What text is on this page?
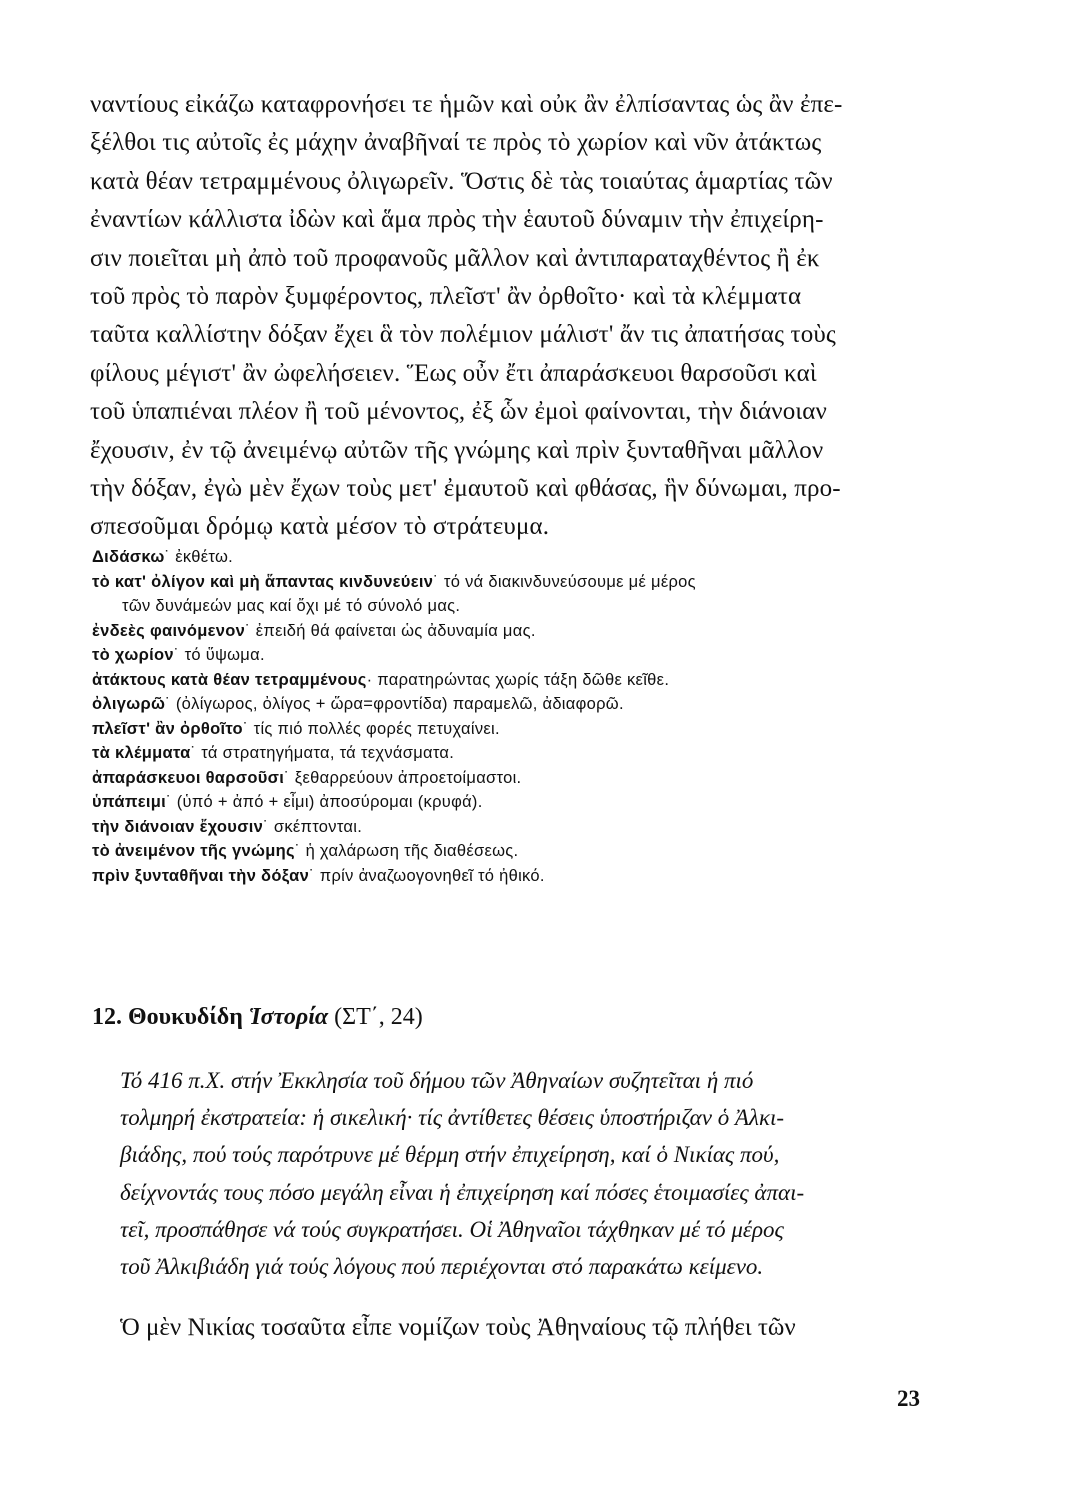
ναντίους εἰκάζω καταφρονήσει τε ἡμῶν καὶ οὐκ ἂν ἐλπίσαντας ὡς ἂν ἐπε-
ξέλθοι τις αὐτοῖς ἐς μάχην ἀναβῆναί τε πρὸς τὸ χωρίον καὶ νῦν ἀτάκτως
κατὰ θέαν τετραμμένους ὀλιγωρεῖν. Ὅστις δὲ τὰς τοιαύτας ἁμαρτίας τῶν
ἐναντίων κάλλιστα ἰδὼν καὶ ἅμα πρὸς τὴν ἑαυτοῦ δύναμιν τὴν ἐπιχείρη-
σιν ποιεῖται μὴ ἀπὸ τοῦ προφανοῦς μᾶλλον καὶ ἀντιπαραταχθέντος ἢ ἐκ
τοῦ πρὸς τὸ παρὸν ξυμφέροντος, πλεῖστ' ἂν ὀρθοῖτο· καὶ τὰ κλέμματα
ταῦτα καλλίστην δόξαν ἔχει ἃ τὸν πολέμιον μάλιστ' ἄν τις ἀπατήσας τοὺς
φίλους μέγιστ' ἂν ὠφελήσειεν. Ἕως οὖν ἔτι ἀπαράσκευοι θαρσοῦσι καὶ
τοῦ ὑπαπιέναι πλέον ἢ τοῦ μένοντος, ἐξ ὧν ἐμοὶ φαίνονται, τὴν διάνοιαν
ἔχουσιν, ἐν τῷ ἀνειμένῳ αὐτῶν τῆς γνώμης καὶ πρὶν ξυνταθῆναι μᾶλλον
τὴν δόξαν, ἐγὼ μὲν ἔχων τοὺς μετ' ἐμαυτοῦ καὶ φθάσας, ἣν δύνωμαι, προ-
σπεσοῦμαι δρόμῳ κατὰ μέσον τὸ στράτευμα.
Διδάσκω˙ ἐκθέτω.
τὸ κατ' ὀλίγον καὶ μὴ ἅπαντας κινδυνεύειν˙ τό νά διακινδυνεύσουμε μέ μέρος
τῶν δυνάμεών μας καί ὄχι μέ τό σύνολό μας.
ἐνδεὲς φαινόμενον˙ ἐπειδή θά φαίνεται ὡς ἀδυναμία μας.
τὸ χωρίον˙ τό ὕψωμα.
ἀτάκτους κατὰ θέαν τετραμμένους· παρατηρώντας χωρίς τάξη δῶθε κεῖθε.
ὀλιγωρῶ˙ (ὀλίγωρος, ὀλίγος + ὥρα=φροντίδα) παραμελῶ, ἀδιαφορῶ.
πλεῖστ' ἂν ὀρθοῖτο˙ τίς πιό πολλές φορές πετυχαίνει.
τὰ κλέμματα˙ τά στρατηγήματα, τά τεχνάσματα.
ἀπαράσκευοι θαρσοῦσι˙ ξεθαρρεύουν ἀπροετοίμαστοι.
ὑπάπειμι˙ (ὑπό + ἀπό + εἶμι) ἀποσύρομαι (κρυφά).
τὴν διάνοιαν ἔχουσιν˙ σκέπτονται.
τὸ ἀνειμένον τῆς γνώμης˙ ἡ χαλάρωση τῆς διαθέσεως.
πρὶν ξυνταθῆναι τὴν δόξαν˙ πρίν ἀναζωογονηθεῖ τό ἠθικό.
12. Θουκυδίδη Ἱστορία (ΣΤ΄, 24)
Τό 416 π.Χ. στήν Ἐκκλησία τοῦ δήμου τῶν Ἀθηναίων συζητεῖται ἡ πιό
τολμηρή ἐκστρατεία: ἡ σικελική· τίς ἀντίθετες θέσεις ὑποστήριζαν ὁ Ἀλκι-
βιάδης, πού τούς παρότρυνε μέ θέρμη στήν ἐπιχείρηση, καί ὁ Νικίας πού,
δείχνοντάς τους πόσο μεγάλη εἶναι ἡ ἐπιχείρηση καί πόσες ἑτοιμασίες ἀπαι-
τεῖ, προσπάθησε νά τούς συγκρατήσει. Οἱ Ἀθηναῖοι τάχθηκαν μέ τό μέρος
τοῦ Ἀλκιβιάδη γιά τούς λόγους πού περιέχονται στό παρακάτω κείμενο.

Ὁ μὲν Νικίας τοσαῦτα εἶπε νομίζων τοὺς Ἀθηναίους τῷ πλήθει τῶν

23
